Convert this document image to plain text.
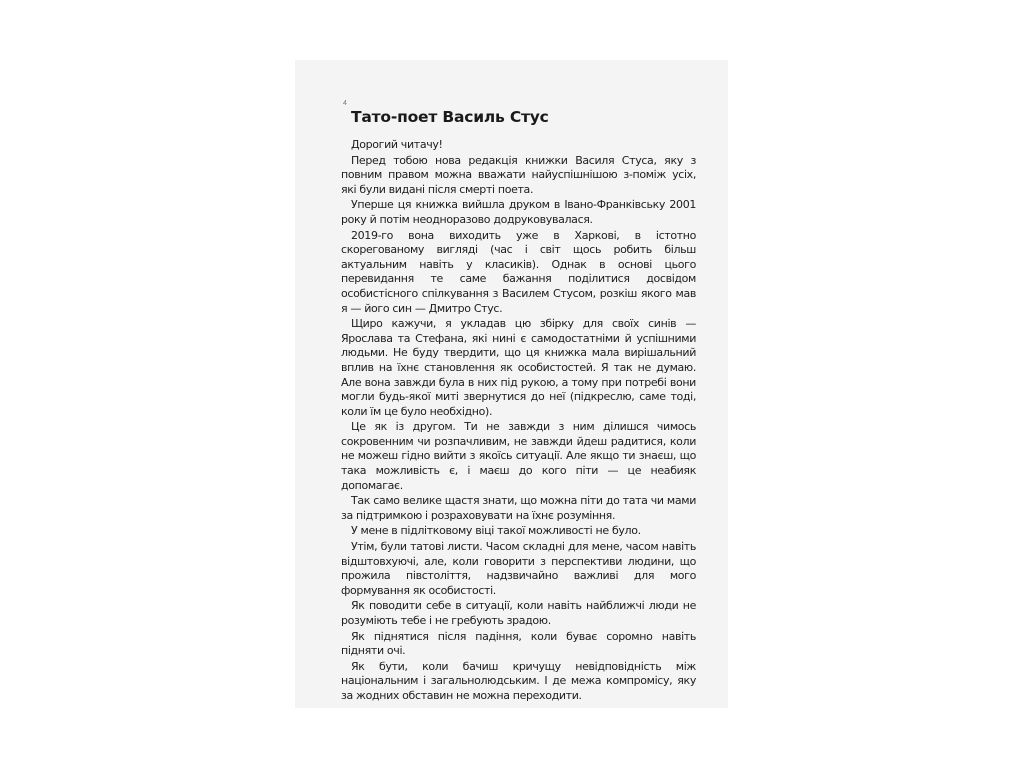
4
Тато-поет Василь Стус

Дорогий читачу!

Перед тобою нова редакція книжки Василя Стуса, яку з повним правом можна вважати найуспішнішою з-поміж усіх, які були видані після смерті поета.

Уперше ця книжка вийшла друком в Івано-Франківську 2001 року й потім неодноразово додруковувалася.

2019-го вона виходить уже в Харкові, в істотно скорегованому вигляді (час і світ щось робить більш актуальним навіть у класиків). Однак в основі цього перевидання те саме бажання поділитися досвідом особистісного спілкування з Василем Стусом, розкіш якого мав я — його син — Дмитро Стус.

Щиро кажучи, я укладав цю збірку для своїх синів — Ярослава та Стефана, які нині є самодостатніми й успішними людьми. Не буду твердити, що ця книжка мала вирішальний вплив на їхнє становлення як особистостей. Я так не думаю. Але вона завжди була в них під рукою, а тому при потребі вони могли будь-якої миті звернутися до неї (підкреслю, саме тоді, коли їм це було необхідно).

Це як із другом. Ти не завжди з ним ділишся чимось сокровенним чи розпачливим, не завжди йдеш радитися, коли не можеш гідно вийти з якоїсь ситуації. Але якщо ти знаєш, що така можливість є, і маєш до кого піти — це неабияк допомагає.

Так само велике щастя знати, що можна піти до тата чи мами за підтримкою і розраховувати на їхнє розуміння.

У мене в підлітковому віці такої можливості не було.

Утім, були татові листи. Часом складні для мене, часом навіть відштовхуючі, але, коли говорити з перспективи людини, що прожила півстоліття, надзвичайно важливі для мого формування як особистості.

Як поводити себе в ситуації, коли навіть найближчі люди не розуміють тебе і не гребують зрадою.

Як піднятися після падіння, коли буває соромно навіть підняти очі.

Як бути, коли бачиш кричущу невідповідність між національним і загальнолюдським. І де межа компромісу, яку за жодних обставин не можна переходити.
